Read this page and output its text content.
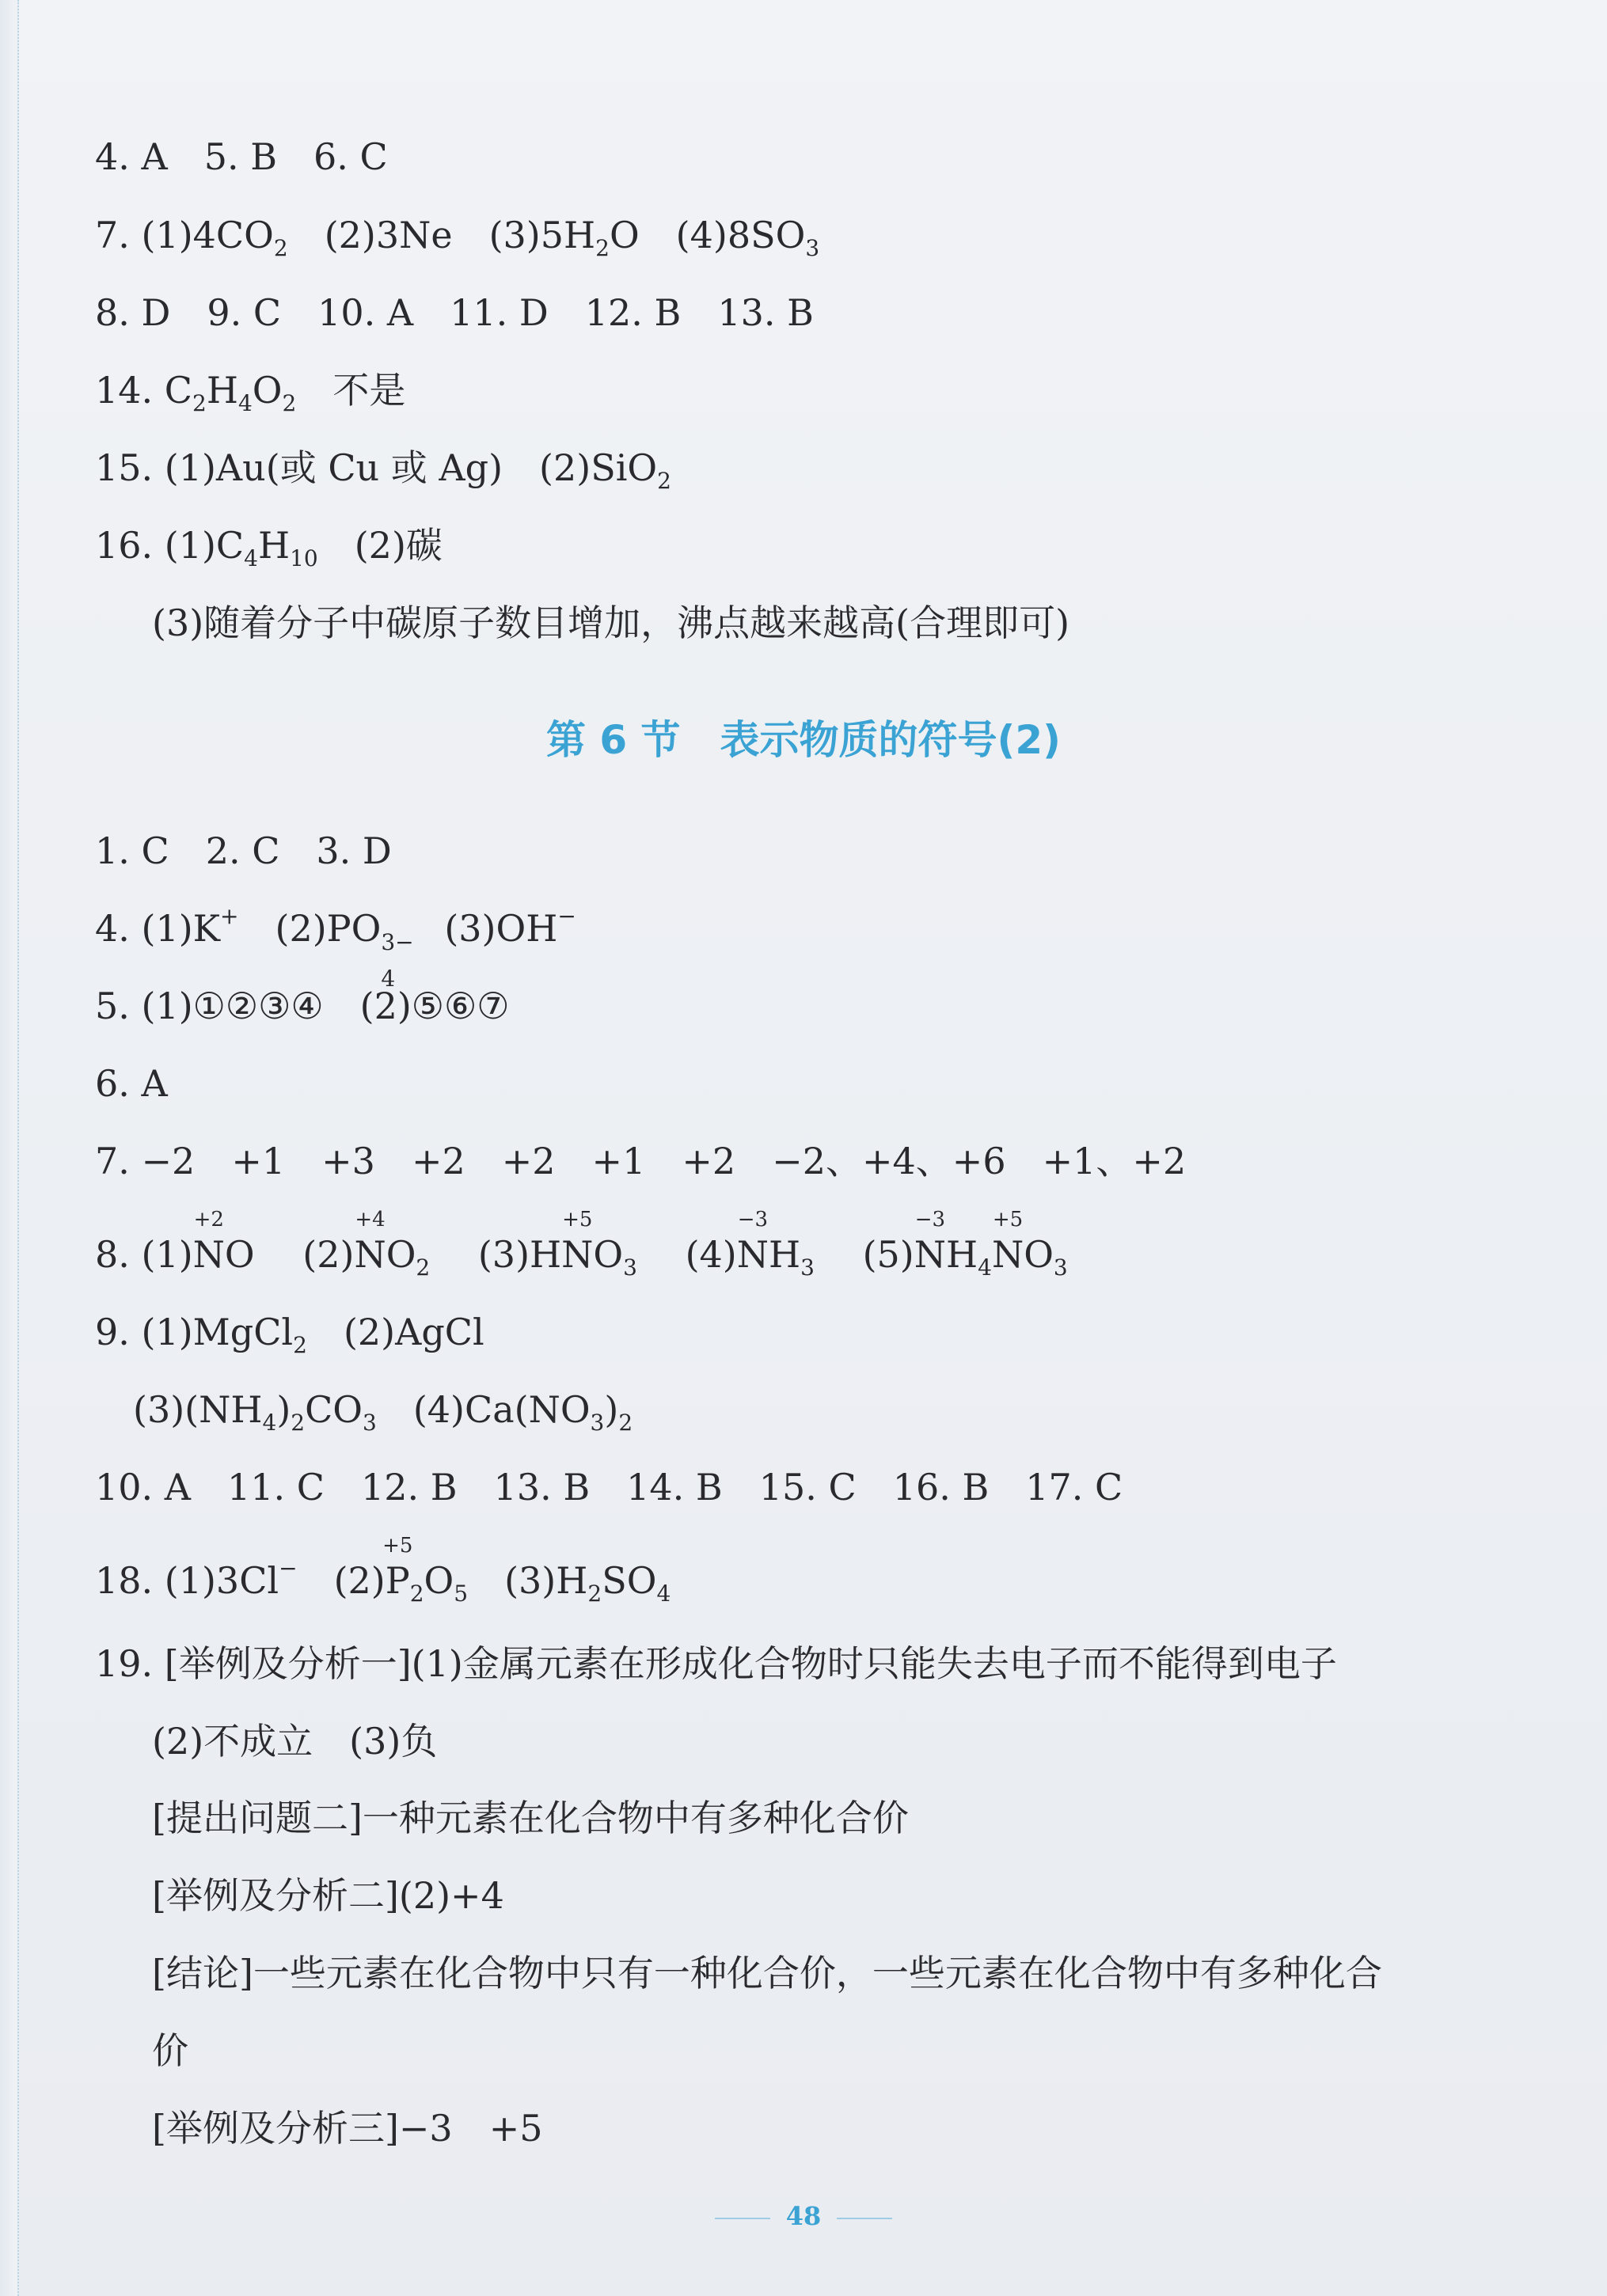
4. A　5. B　6. C
7. $(1)4CO_2$　(2)3Ne　$(3)5H_2O$　$(4)8SO_3$
8. D　9. C　10. A　11. D　12. B　13. B
14. $C_2H_4O_2$　不是
15. (1)Au(或 Cu 或 Ag)　(2)SiO$_2$
16. $(1)C_4H_{10}$　(2)碳
(3)随着分子中碳原子数目增加，沸点越来越高(合理即可)
第 6 节　表示物质的符号(2)
1. C　2. C　3. D
4. (1)K+　(2)PO 3−
4
　(3)OH−
5. (1)①②③④　(2)⑤⑥⑦
6. A
7. −2　+1　+3　+2　+2　+1　+2　−2、+4、+6　+1、+2
8. (1)
+2
NO 　(2)
+4
$NO_2$ 　(3)H
+5
$NO_3$ 　(4)
−3
$NH_3$ 　(5)
−3
$NH_4$
+5
$NO_3$
9. (1)MgCl$_2$　(2)AgCl
$(3)(NH_4)_2CO_3$　$(4)Ca(NO_3)_2$
10. A　11. C　12. B　13. B　14. B　15. C　16. B　17. C
18. (1)3Cl−　(2)
+5
$P_2O_5$　$(3)H_2SO_4$
19. [举例及分析一](1)金属元素在形成化合物时只能失去电子而不能得到电子
(2)不成立　(3)负
[提出问题二]一种元素在化合物中有多种化合价
[举例及分析二](2)+4
[结论]一些元素在化合物中只有一种化合价，一些元素在化合物中有多种化合
价
[举例及分析三]−3　+5
48
